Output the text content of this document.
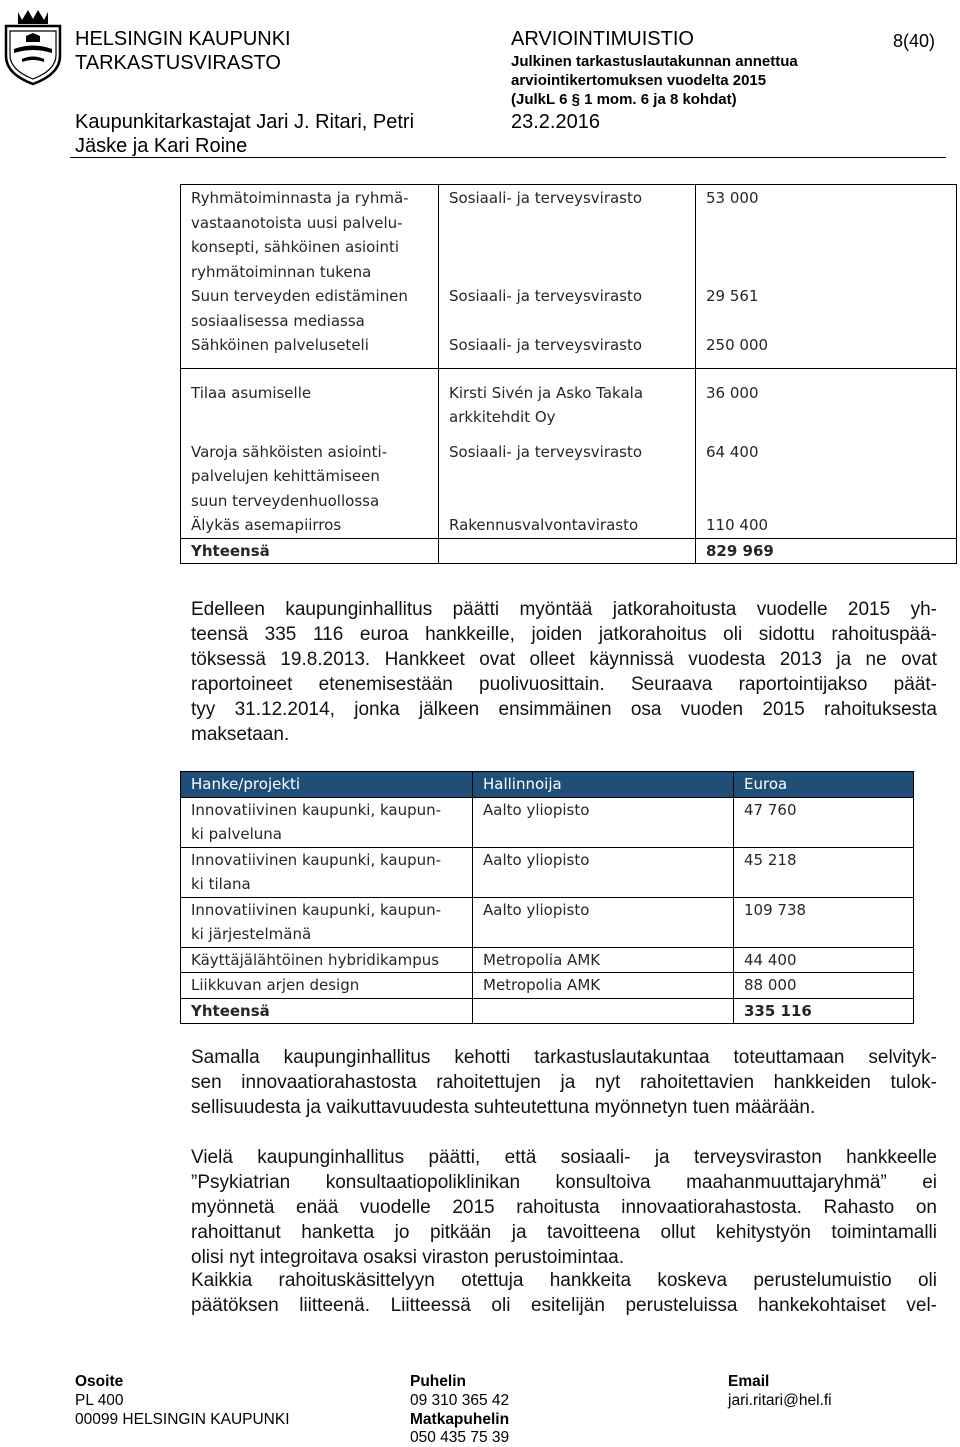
HELSINGIN KAUPUNKI
TARKASTUSVIRASTO
Kaupunkitarkastajat Jari J. Ritari, Petri
Jäske ja Kari Roine
ARVIOINTIMUISTIO
Julkinen tarkastuslautakunnan annettua
arviointikertomuksen vuodelta 2015
(JulkL 6 § 1 mom. 6 ja 8 kohdat)
23.2.2016
8(40)
Ryhmätoiminnasta ja ryhmä-
vastaanotoista uusi palvelu-
konsepti, sähköinen asiointi
ryhmätoiminnan tukena	Sosiaali- ja terveysvirasto	53 000

Suun terveyden edistäminen
sosiaalisessa mediassa	Sosiaali- ja terveysvirasto	29 561

Sähköinen palveluseteli	Sosiaali- ja terveysvirasto	250 000

Tilaa asumiselle	Kirsti Sivén ja Asko Takala arkkitehdit Oy	36 000

Varoja sähköisten asiointi-
palvelujen kehittämiseen
suun terveydenhuollossa	Sosiaali- ja terveysvirasto	64 400

Älykäs asemapiirros	Rakennusvalvontavirasto	110 400
Yhteensä		829 969
Edelleen kaupunginhallitus päätti myöntää jatkorahoitusta vuodelle 2015 yh-
teensä 335 116 euroa hankkeille, joiden jatkorahoitus oli sidottu rahoituspää-
töksessä 19.8.2013. Hankkeet ovat olleet käynnissä vuodesta 2013 ja ne ovat
raportoineet etenemisestään puolivuosittain. Seuraava raportointijakso päät-
tyy 31.12.2014, jonka jälkeen ensimmäinen osa vuoden 2015 rahoituksesta
maksetaan.
Hanke/projekti	Hallinnoija	Euroa

Innovatiivinen kaupunki, kaupun-
ki palveluna	Aalto yliopisto	47 760

Innovatiivinen kaupunki, kaupun-
ki tilana	Aalto yliopisto	45 218

Innovatiivinen kaupunki, kaupun-
ki järjestelmänä	Aalto yliopisto	109 738

Käyttäjälähtöinen hybridikampus	Metropolia AMK	44 400

Liikkuvan arjen design	Metropolia AMK	88 000
Yhteensä		335 116
Samalla kaupunginhallitus kehotti tarkastuslautakuntaa toteuttamaan selvityk-
sen innovaatiorahastosta rahoitettujen ja nyt rahoitettavien hankkeiden tulok-
sellisuudesta ja vaikuttavuudesta suhteutettuna myönnetyn tuen määrään.
Vielä kaupunginhallitus päätti, että sosiaali- ja terveysviraston hankkeelle
”Psykiatrian konsultaatiopoliklinikan konsultoiva maahanmuuttajaryhmä” ei
myönnetä enää vuodelle 2015 rahoitusta innovaatiorahastosta. Rahasto on
rahoittanut hanketta jo pitkään ja tavoitteena ollut kehitystyön toimintamalli
olisi nyt integroitava osaksi viraston perustoimintaa.
Kaikkia rahoituskäsittelyyn otettuja hankkeita koskeva perustelumuistio oli
päätöksen liitteenä. Liitteessä oli esitelijän perusteluissa hankekohtaiset vel-
Osoite
PL 400
00099 HELSINGIN KAUPUNKI
Puhelin
09 310 365 42
Matkapuhelin
050 435 75 39
Email
jari.ritari@hel.fi
